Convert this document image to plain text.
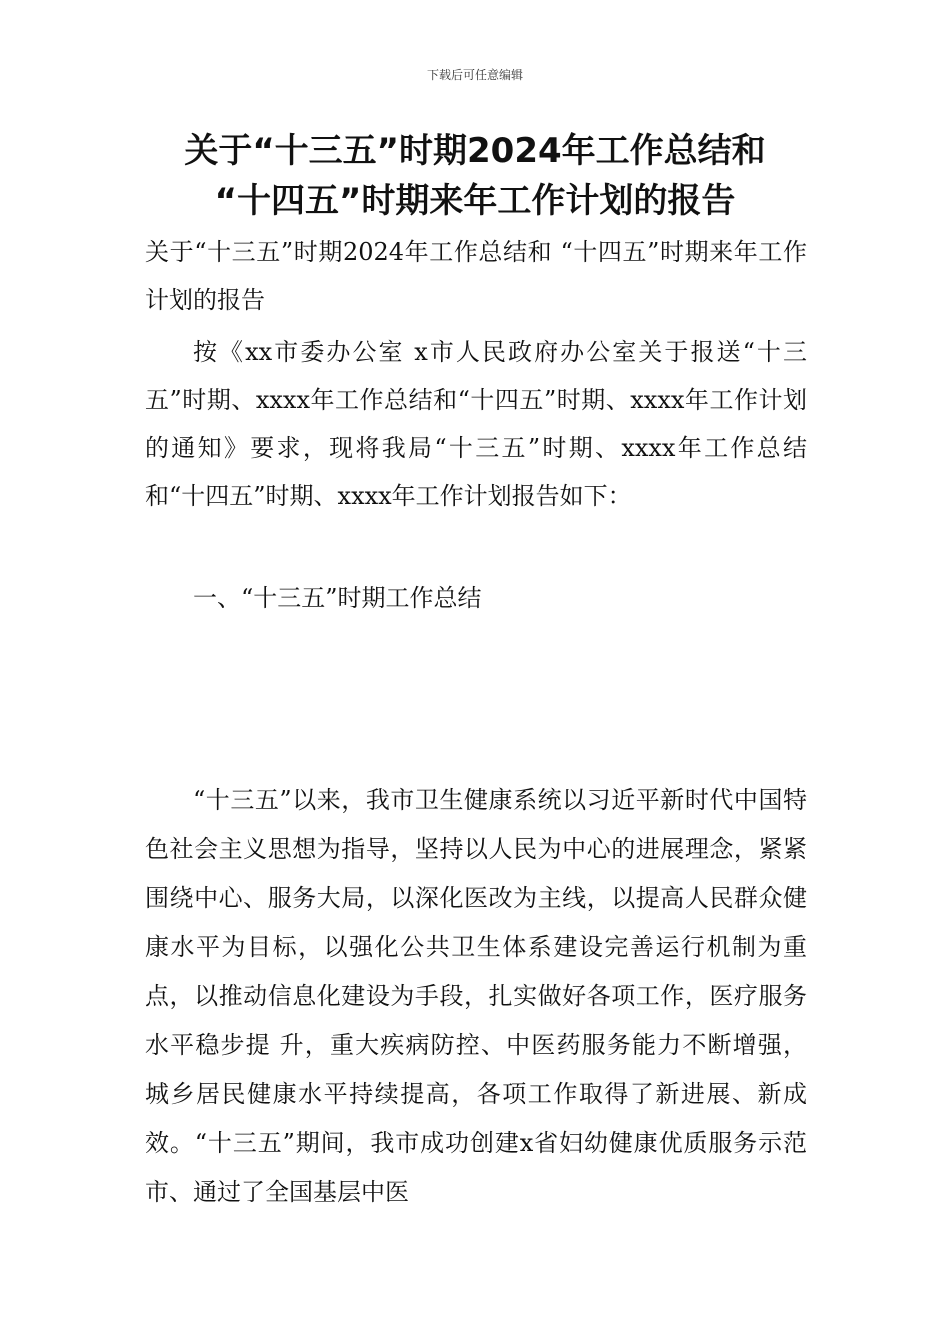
下载后可任意编辑
关于“十三五”时期2024年工作总结和
“十四五”时期来年工作计划的报告

关于“十三五”时期2024年工作总结和 “十四五”时期来年工作计划的报告

按《xx市委办公室 x市人民政府办公室关于报送“十三五”时期、xxxx年工作总结和“十四五”时期、xxxx年工作计划的通知》要求，现将我局“十三五”时期、xxxx年工作总结和“十四五”时期、xxxx年工作计划报告如下：

一、“十三五”时期工作总结

“十三五”以来，我市卫生健康系统以习近平新时代中国特色社会主义思想为指导，坚持以人民为中心的进展理念，紧紧围绕中心、服务大局，以深化医改为主线，以提高人民群众健康水平为目标，以强化公共卫生体系建设完善运行机制为重点，以推动信息化建设为手段，扎实做好各项工作，医疗服务水平稳步提 升，重大疾病防控、中医药服务能力不断增强， 城乡居民健康水平持续提高，各项工作取得了新进展、新成效。“十三五”期间，我市成功创建x省妇幼健康优质服务示范市、通过了全国基层中医
